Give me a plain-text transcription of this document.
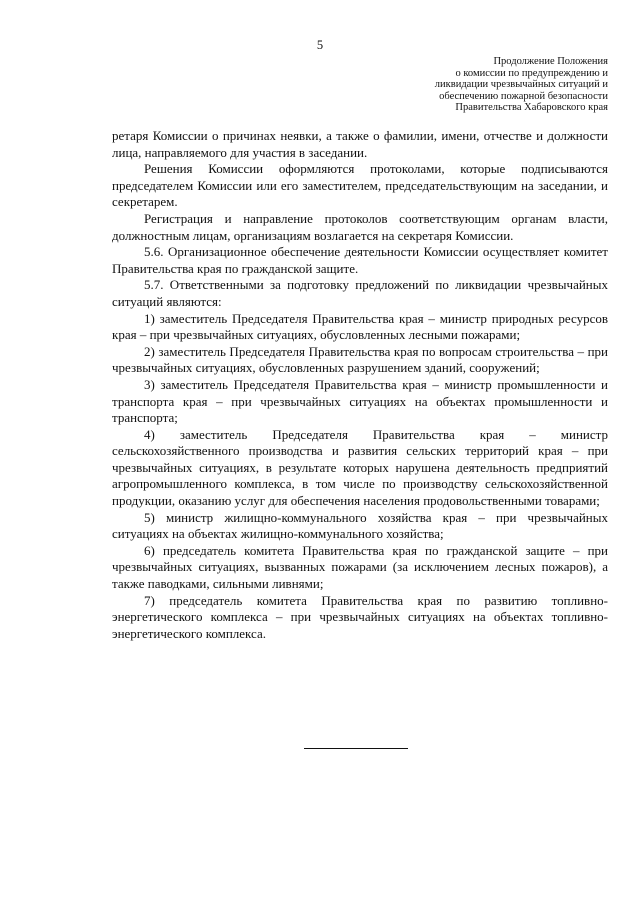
5
Продолжение Положения
о комиссии по предупреждению и
ликвидации чрезвычайных ситуаций и
обеспечению пожарной безопасности
Правительства Хабаровского края

ретаря Комиссии о причинах неявки, а также о фамилии, имени, отчестве и должности лица, направляемого для участия в заседании.

Решения Комиссии оформляются протоколами, которые подписываются председателем Комиссии или его заместителем, председательствующим на заседании, и секретарем.

Регистрация и направление протоколов соответствующим органам власти, должностным лицам, организациям возлагается на секретаря Комиссии.

5.6. Организационное обеспечение деятельности Комиссии осуществляет комитет Правительства края по гражданской защите.

5.7. Ответственными за подготовку предложений по ликвидации чрезвычайных ситуаций являются:

1) заместитель Председателя Правительства края – министр природных ресурсов края – при чрезвычайных ситуациях, обусловленных лесными пожарами;

2) заместитель Председателя Правительства края по вопросам строительства – при чрезвычайных ситуациях, обусловленных разрушением зданий, сооружений;

3) заместитель Председателя Правительства края – министр промышленности и транспорта края – при чрезвычайных ситуациях на объектах промышленности и транспорта;

4) заместитель Председателя Правительства края – министр сельскохозяйственного производства и развития сельских территорий края – при чрезвычайных ситуациях, в результате которых нарушена деятельность предприятий агропромышленного комплекса, в том числе по производству сельскохозяйственной продукции, оказанию услуг для обеспечения населения продовольственными товарами;

5) министр жилищно-коммунального хозяйства края – при чрезвычайных ситуациях на объектах жилищно-коммунального хозяйства;

6) председатель комитета Правительства края по гражданской защите – при чрезвычайных ситуациях, вызванных пожарами (за исключением лесных пожаров), а также паводками, сильными ливнями;

7) председатель комитета Правительства края по развитию топливно-энергетического комплекса – при чрезвычайных ситуациях на объектах топливно-энергетического комплекса.
